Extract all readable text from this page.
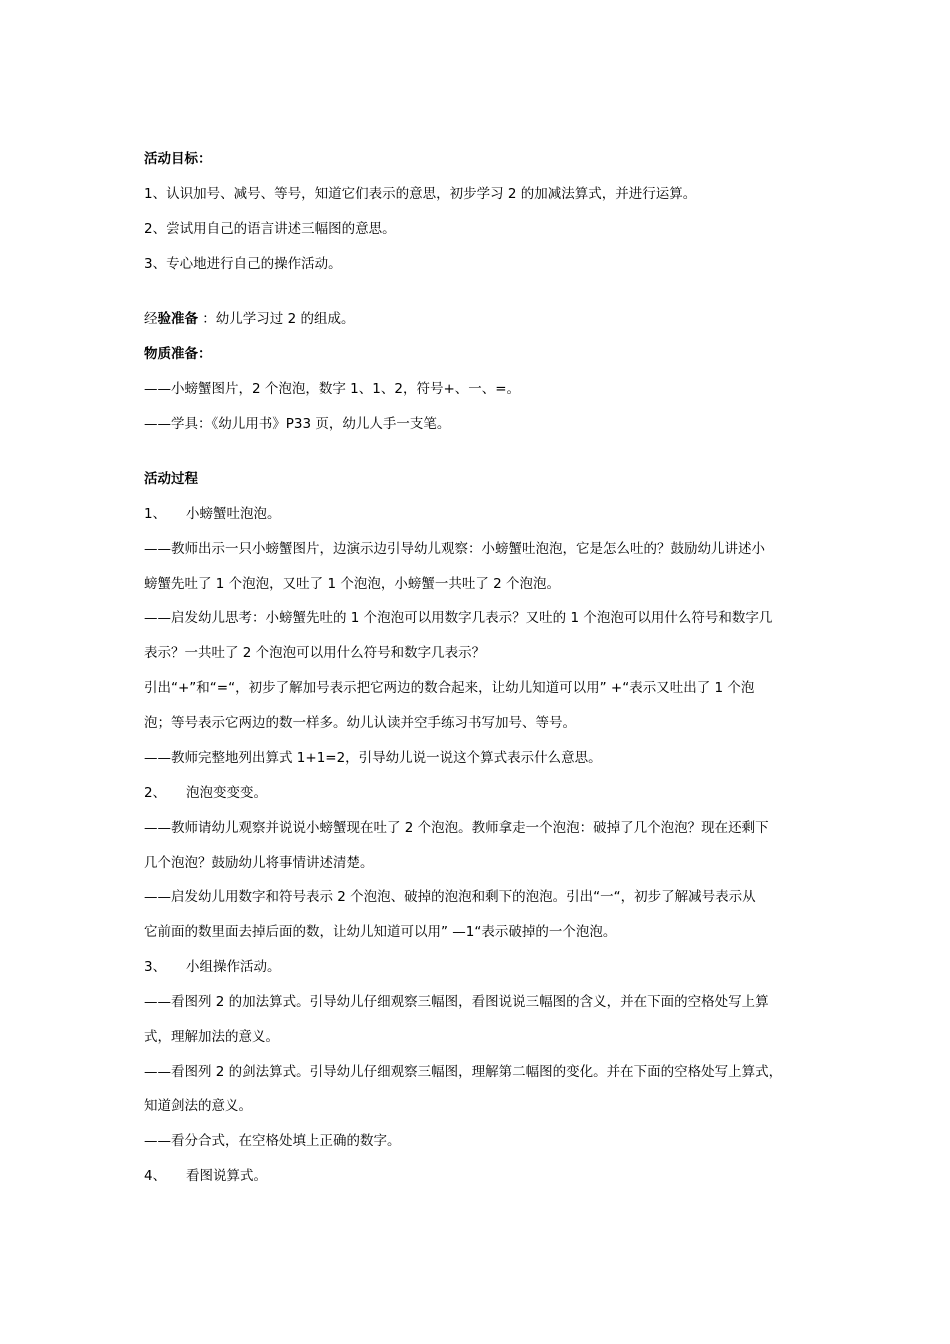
活动目标：
1、认识加号、减号、等号，知道它们表示的意思，初步学习 2 的加减法算式，并进行运算。
2、尝试用自己的语言讲述三幅图的意思。
3、专心地进行自己的操作活动。
经验准备 ：幼儿学习过 2 的组成。
物质准备：
——小螃蟹图片，2 个泡泡，数字 1、1、2，符号+、一、=。
——学具：《幼儿用书》P33 页，幼儿人手一支笔。
活动过程
1、 小螃蟹吐泡泡。
——教师出示一只小螃蟹图片，边演示边引导幼儿观察：小螃蟹吐泡泡，它是怎么吐的？鼓励幼儿讲述小
螃蟹先吐了 1 个泡泡，又吐了 1 个泡泡，小螃蟹一共吐了 2 个泡泡。
——启发幼儿思考：小螃蟹先吐的 1 个泡泡可以用数字几表示？又吐的 1 个泡泡可以用什么符号和数字几
表示？一共吐了 2 个泡泡可以用什么符号和数字几表示？
引出“+”和“=“，初步了解加号表示把它两边的数合起来，让幼儿知道可以用” +“表示又吐出了 1 个泡
泡；等号表示它两边的数一样多。幼儿认读并空手练习书写加号、等号。
——教师完整地列出算式 1+1=2，引导幼儿说一说这个算式表示什么意思。
2、 泡泡变变变。
——教师请幼儿观察并说说小螃蟹现在吐了 2 个泡泡。教师拿走一个泡泡：破掉了几个泡泡？现在还剩下
几个泡泡？鼓励幼儿将事情讲述清楚。
——启发幼儿用数字和符号表示 2 个泡泡、破掉的泡泡和剩下的泡泡。引出“一“，初步了解减号表示从
它前面的数里面去掉后面的数，让幼儿知道可以用” —1“表示破掉的一个泡泡。
3、 小组操作活动。
——看图列 2 的加法算式。引导幼儿仔细观察三幅图，看图说说三幅图的含义，并在下面的空格处写上算
式，理解加法的意义。
——看图列 2 的剑法算式。引导幼儿仔细观察三幅图，理解第二幅图的变化。并在下面的空格处写上算式，
知道剑法的意义。
——看分合式，在空格处填上正确的数字。
4、 看图说算式。
